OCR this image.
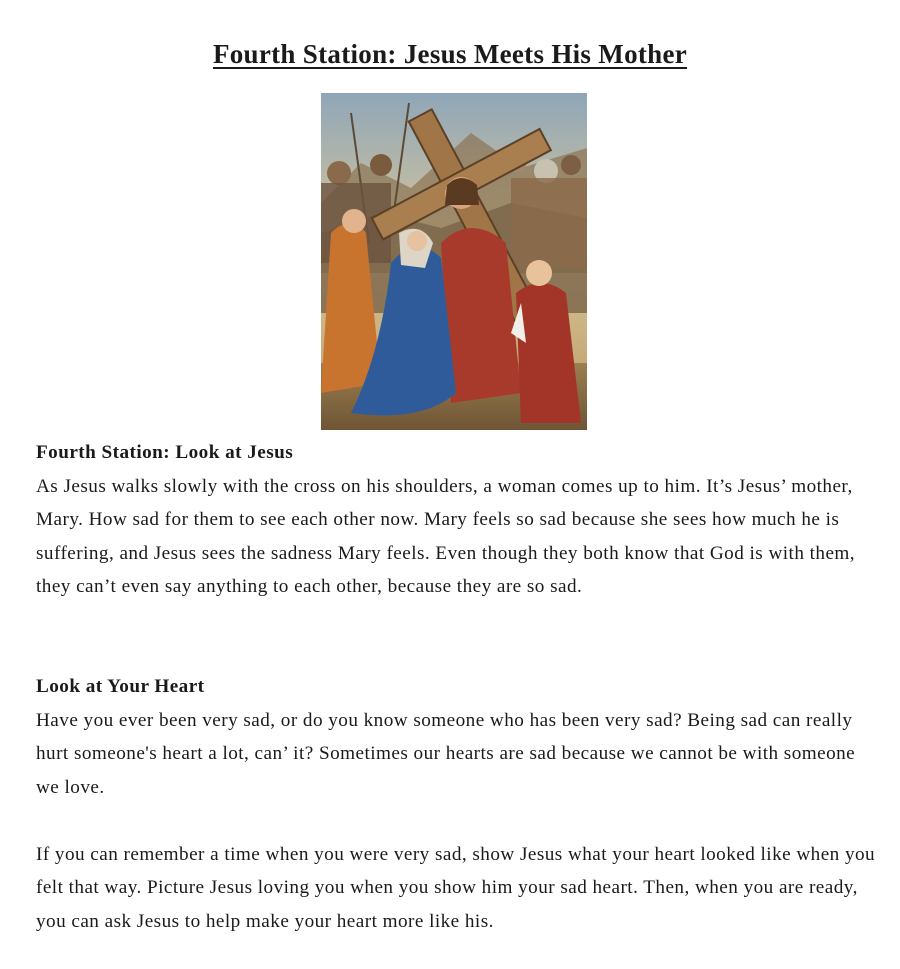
Fourth Station: Jesus Meets His Mother
Fourth Station: Look at Jesus

As Jesus walks slowly with the cross on his shoulders, a woman comes up to him. It’s Jesus’ mother, Mary. How sad for them to see each other now. Mary feels so sad because she sees how much he is suffering, and Jesus sees the sadness Mary feels. Even though they both know that God is with them, they can’t even say anything to each other, because they are so sad.

Look at Your Heart

Have you ever been very sad, or do you know someone who has been very sad? Being sad can really hurt someone's heart a lot, can’ it? Sometimes our hearts are sad because we cannot be with someone we love.

If you can remember a time when you were very sad, show Jesus what your heart looked like when you felt that way. Picture Jesus loving you when you show him your sad heart. Then, when you are ready, you can ask Jesus to help make your heart more like his.
